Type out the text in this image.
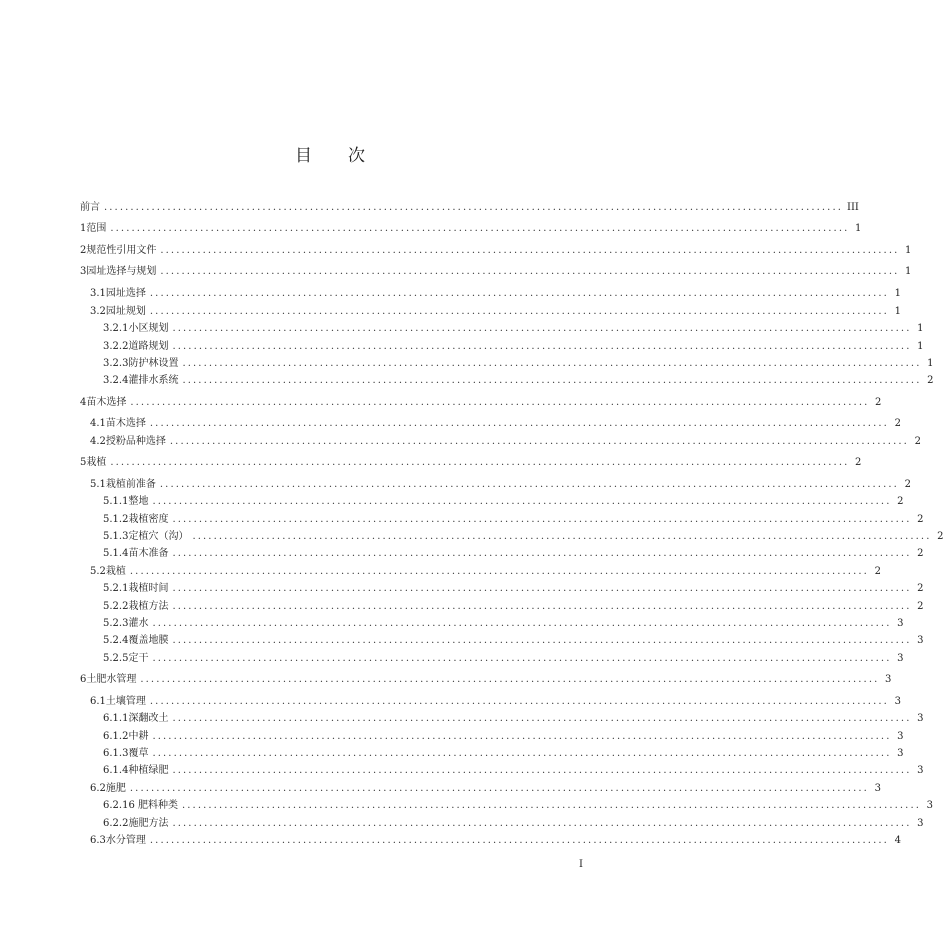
目 次
前言 ............................................................................................................................................ III
1 范围 ............................................................................................................................................ 1
2 规范性引用文件 ............................................................................................................................................ 1
3 园址选择与规划 ............................................................................................................................................ 1
3.1 园址选择 ............................................................................................................................................ 1
3.2 园址规划 ............................................................................................................................................ 1
3.2.1 小区规划 ............................................................................................................................................ 1
3.2.2 道路规划 ............................................................................................................................................ 1
3.2.3 防护林设置 ............................................................................................................................................ 1
3.2.4 灌排水系统 ............................................................................................................................................ 2
4 苗木选择 ............................................................................................................................................ 2
4.1 苗木选择 ............................................................................................................................................ 2
4.2 授粉品种选择 ............................................................................................................................................ 2
5 栽植 ............................................................................................................................................ 2
5.1 栽植前准备 ............................................................................................................................................ 2
5.1.1 整地 ............................................................................................................................................ 2
5.1.2 栽植密度 ............................................................................................................................................ 2
5.1.3 定植穴（沟） ............................................................................................................................................ 2
5.1.4 苗木准备 ............................................................................................................................................ 2
5.2 栽植 ............................................................................................................................................ 2
5.2.1 栽植时间 ............................................................................................................................................ 2
5.2.2 栽植方法 ............................................................................................................................................ 2
5.2.3 灌水 ............................................................................................................................................ 3
5.2.4 覆盖地膜 ............................................................................................................................................ 3
5.2.5 定干 ............................................................................................................................................ 3
6 土肥水管理 ............................................................................................................................................ 3
6.1 土壤管理 ............................................................................................................................................ 3
6.1.1 深翻改土 ............................................................................................................................................ 3
6.1.2 中耕 ............................................................................................................................................ 3
6.1.3 覆草 ............................................................................................................................................ 3
6.1.4 种植绿肥 ............................................................................................................................................ 3
6.2 施肥 ............................................................................................................................................ 3
6.2.1 6 肥料种类 ............................................................................................................................................ 3
6.2.2 施肥方法 ............................................................................................................................................ 3
6.3 水分管理 ............................................................................................................................................ 4
I
